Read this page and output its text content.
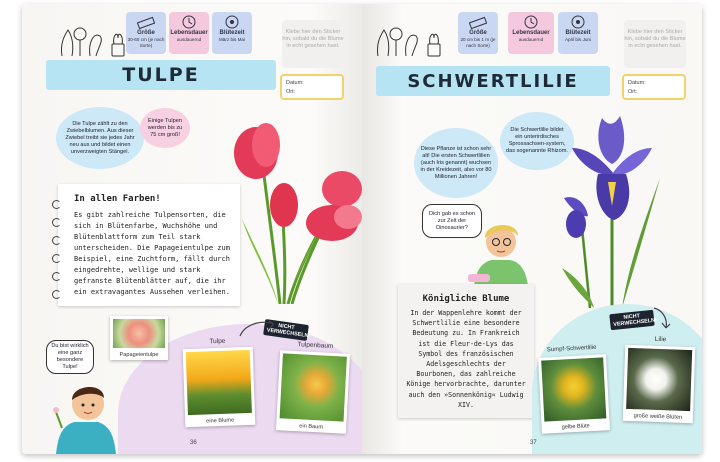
Größe
30-60 cm (je nach Sorte)
Lebensdauer
ausdauernd
Blütezeit
März bis Mai
TULPE
Klebe hier den Sticker hin, sobald du die Blume in echt gesehen hast.
Datum:
Ort:
Die Tulpe zählt zu den Zwiebelblumen. Aus dieser Zwiebel treibt sie jedes Jahr neu aus und bildet einen unverzweigten Stängel.
Einige Tulpen werden bis zu 75 cm groß!
In allen Farben!

Es gibt zahlreiche Tulpensorten, die sich in Blütenfarbe, Wuchshöhe und Blütenblattform zum Teil stark unterscheiden. Die Papageientulpe zum Beispiel, eine Zuchtform, fällt durch eingedrehte, wellige und stark gefranste Blütenblätter auf, die ihr ein extravagantes Aussehen verleihen.

Du bist wirklich eine ganz besondere Tulpe!
Papageientulpe
NICHT VERWECHSELN!
Tulpe
eine Blume
Tulpenbaum
ein Baum
36
Größe
20 cm bis 1 m (je nach Sorte)
Lebensdauer
ausdauernd
Blütezeit
April bis Juni
SCHWERTLILIE
Klebe hier den Sticker hin, sobald du die Blume in echt gesehen hast.
Datum:
Ort:
Diese Pflanze ist schon sehr alt! Die ersten Schwertlilien (auch Iris genannt) wuchsen in der Kreidezeit, also vor 80 Millionen Jahren!
Die Schwertlilie bildet ein unterirdisches Sprossachsen-system, das sogenannte Rhizom.
Dich gab es schon zur Zeit der Dinosaurier?
Königliche Blume

In der Wappenlehre kommt der Schwertlilie eine besondere Bedeutung zu. In Frankreich ist die Fleur-de-Lys das Symbol des französischen Adelsgeschlechts der Bourbonen, das zahlreiche Könige hervorbrachte, darunter auch den »Sonnenkönig« Ludwig XIV.

NICHT VERWECHSELN!
Sumpf-Schwertlilie
gelbe Blüte
Lilie
große weiße Blüten
37
